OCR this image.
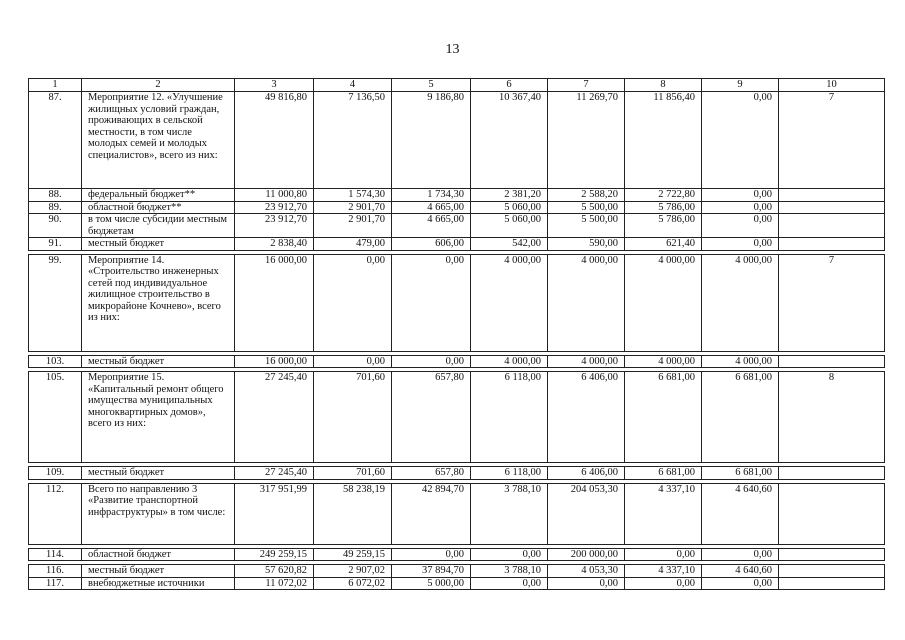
13
1	2	3	4	5	6	7	8	9	10
87.	Мероприятие 12. «Улучшение жилищных условий граждан, проживающих в сельской местности, в том числе молодых семей и молодых специалистов», всего из них:	49 816,80	7 136,50	9 186,80	10 367,40	11 269,70	11 856,40	0,00	7
88.	федеральный бюджет**	11 000,80	1 574,30	1 734,30	2 381,20	2 588,20	2 722,80	0,00	
89.	областной бюджет**	23 912,70	2 901,70	4 665,00	5 060,00	5 500,00	5 786,00	0,00	
90.	в том числе субсидии местным бюджетам	23 912,70	2 901,70	4 665,00	5 060,00	5 500,00	5 786,00	0,00	
91.	местный бюджет	2 838,40	479,00	606,00	542,00	590,00	621,40	0,00	

99.	Мероприятие 14. «Строительство инженерных сетей под индивидуальное жилищное строительство в микрорайоне Кочнево», всего из них:	16 000,00	0,00	0,00	4 000,00	4 000,00	4 000,00	4 000,00	7

103.	местный бюджет	16 000,00	0,00	0,00	4 000,00	4 000,00	4 000,00	4 000,00	

105.	Мероприятие 15. «Капитальный ремонт общего имущества муниципальных многоквартирных домов», всего из них:	27 245,40	701,60	657,80	6 118,00	6 406,00	6 681,00	6 681,00	8

109.	местный бюджет	27 245,40	701,60	657,80	6 118,00	6 406,00	6 681,00	6 681,00	

112.	Всего по направлению 3 «Развитие транспортной инфраструктуры» в том числе:	317 951,99	58 238,19	42 894,70	3 788,10	204 053,30	4 337,10	4 640,60	

114.	областной бюджет	249 259,15	49 259,15	0,00	0,00	200 000,00	0,00	0,00	

116.	местный бюджет	57 620,82	2 907,02	37 894,70	3 788,10	4 053,30	4 337,10	4 640,60	
117.	внебюджетные источники	11 072,02	6 072,02	5 000,00	0,00	0,00	0,00	0,00	
